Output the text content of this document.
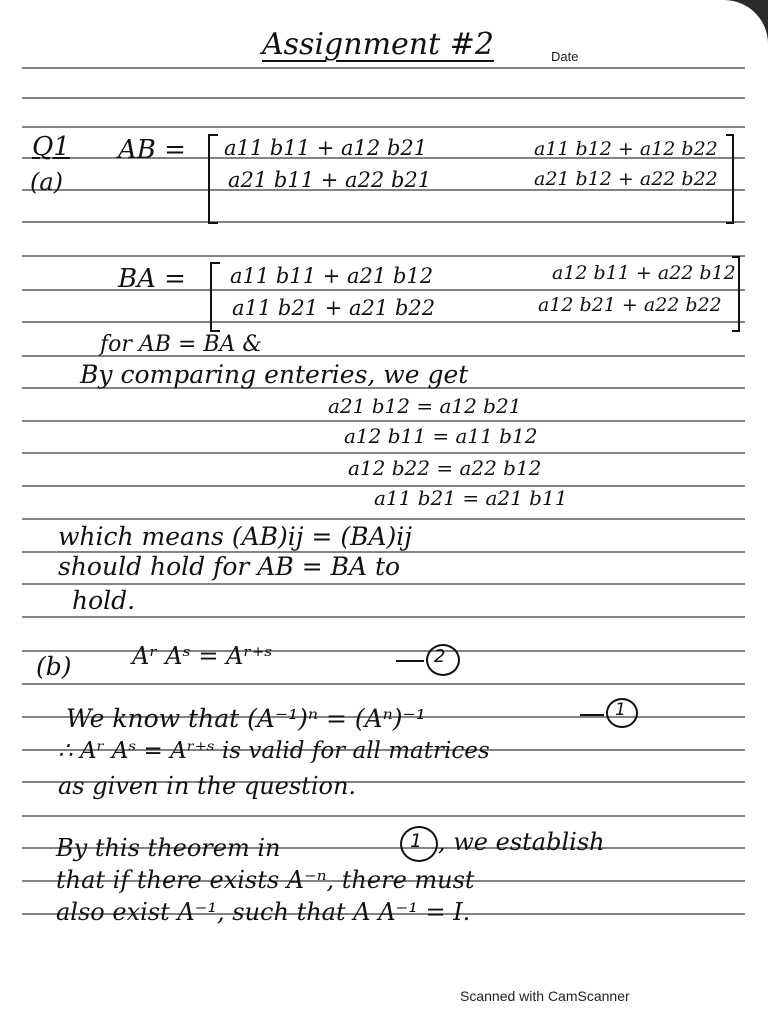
Assignment #2	Date
Q1
(a)
AB = a11 b11 + a12 b21	a11 b12 + a12 b22
a21 b11 + a22 b21	a21 b12 + a22 b22
BA = a11 b11 + a21 b12	a12 b11 + a22 b12
a11 b21 + a21 b22	a12 b21 + a22 b22
for AB = BA &
By comparing enteries, we get
a21 b12 = a12 b21
a12 b11 = a11 b12
a12 b22 = a22 b12
a11 b21 = a21 b11
which means (AB)ij = (BA)ij
should hold for AB = BA to
hold.
(b)	Aʳ Aˢ = Aʳ⁺ˢ	2
We know that (A⁻¹)ⁿ = (Aⁿ)⁻¹	1
∴ Aʳ Aˢ = Aʳ⁺ˢ is valid for all matrices
as given in the question.
By this theorem in	1 , we establish
that if there exists A⁻ⁿ, there must
also exist A⁻¹, such that A A⁻¹ = I.
Scanned with CamScanner
